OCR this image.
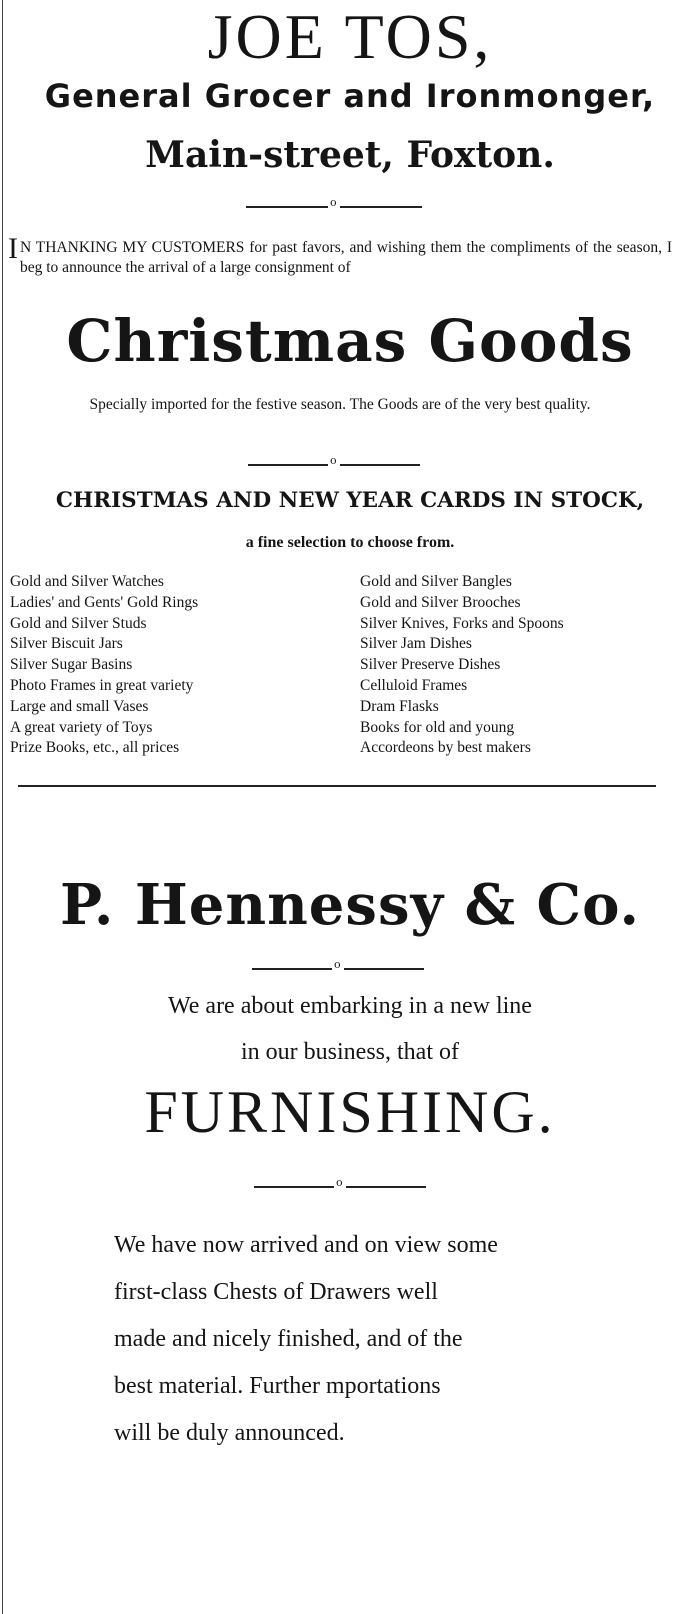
JOE TOS,
General Grocer and Ironmonger,
Main-street, Foxton.
o
I N THANKING MY CUSTOMERS for past favors, and wishing them the compliments of the season, I beg to announce the arrival of a large consignment of
Christmas Goods
Specially imported for the festive season. The Goods are of the very best quality.
o
CHRISTMAS AND NEW YEAR CARDS IN STOCK,
a fine selection to choose from.
Gold and Silver Watches
Ladies' and Gents' Gold Rings
Gold and Silver Studs
Silver Biscuit Jars
Silver Sugar Basins
Photo Frames in great variety
Large and small Vases
A great variety of Toys
Prize Books, etc., all prices
Gold and Silver Bangles
Gold and Silver Brooches
Silver Knives, Forks and Spoons
Silver Jam Dishes
Silver Preserve Dishes
Celluloid Frames
Dram Flasks
Books for old and young
Accordeons by best makers
P. Hennessy & Co.
o
We are about embarking in a new line
in our business, that of
FURNISHING.
o
We have now arrived and on view some
first-class Chests of Drawers well
made and nicely finished, and of the
best material. Further mportations
will be duly announced.
